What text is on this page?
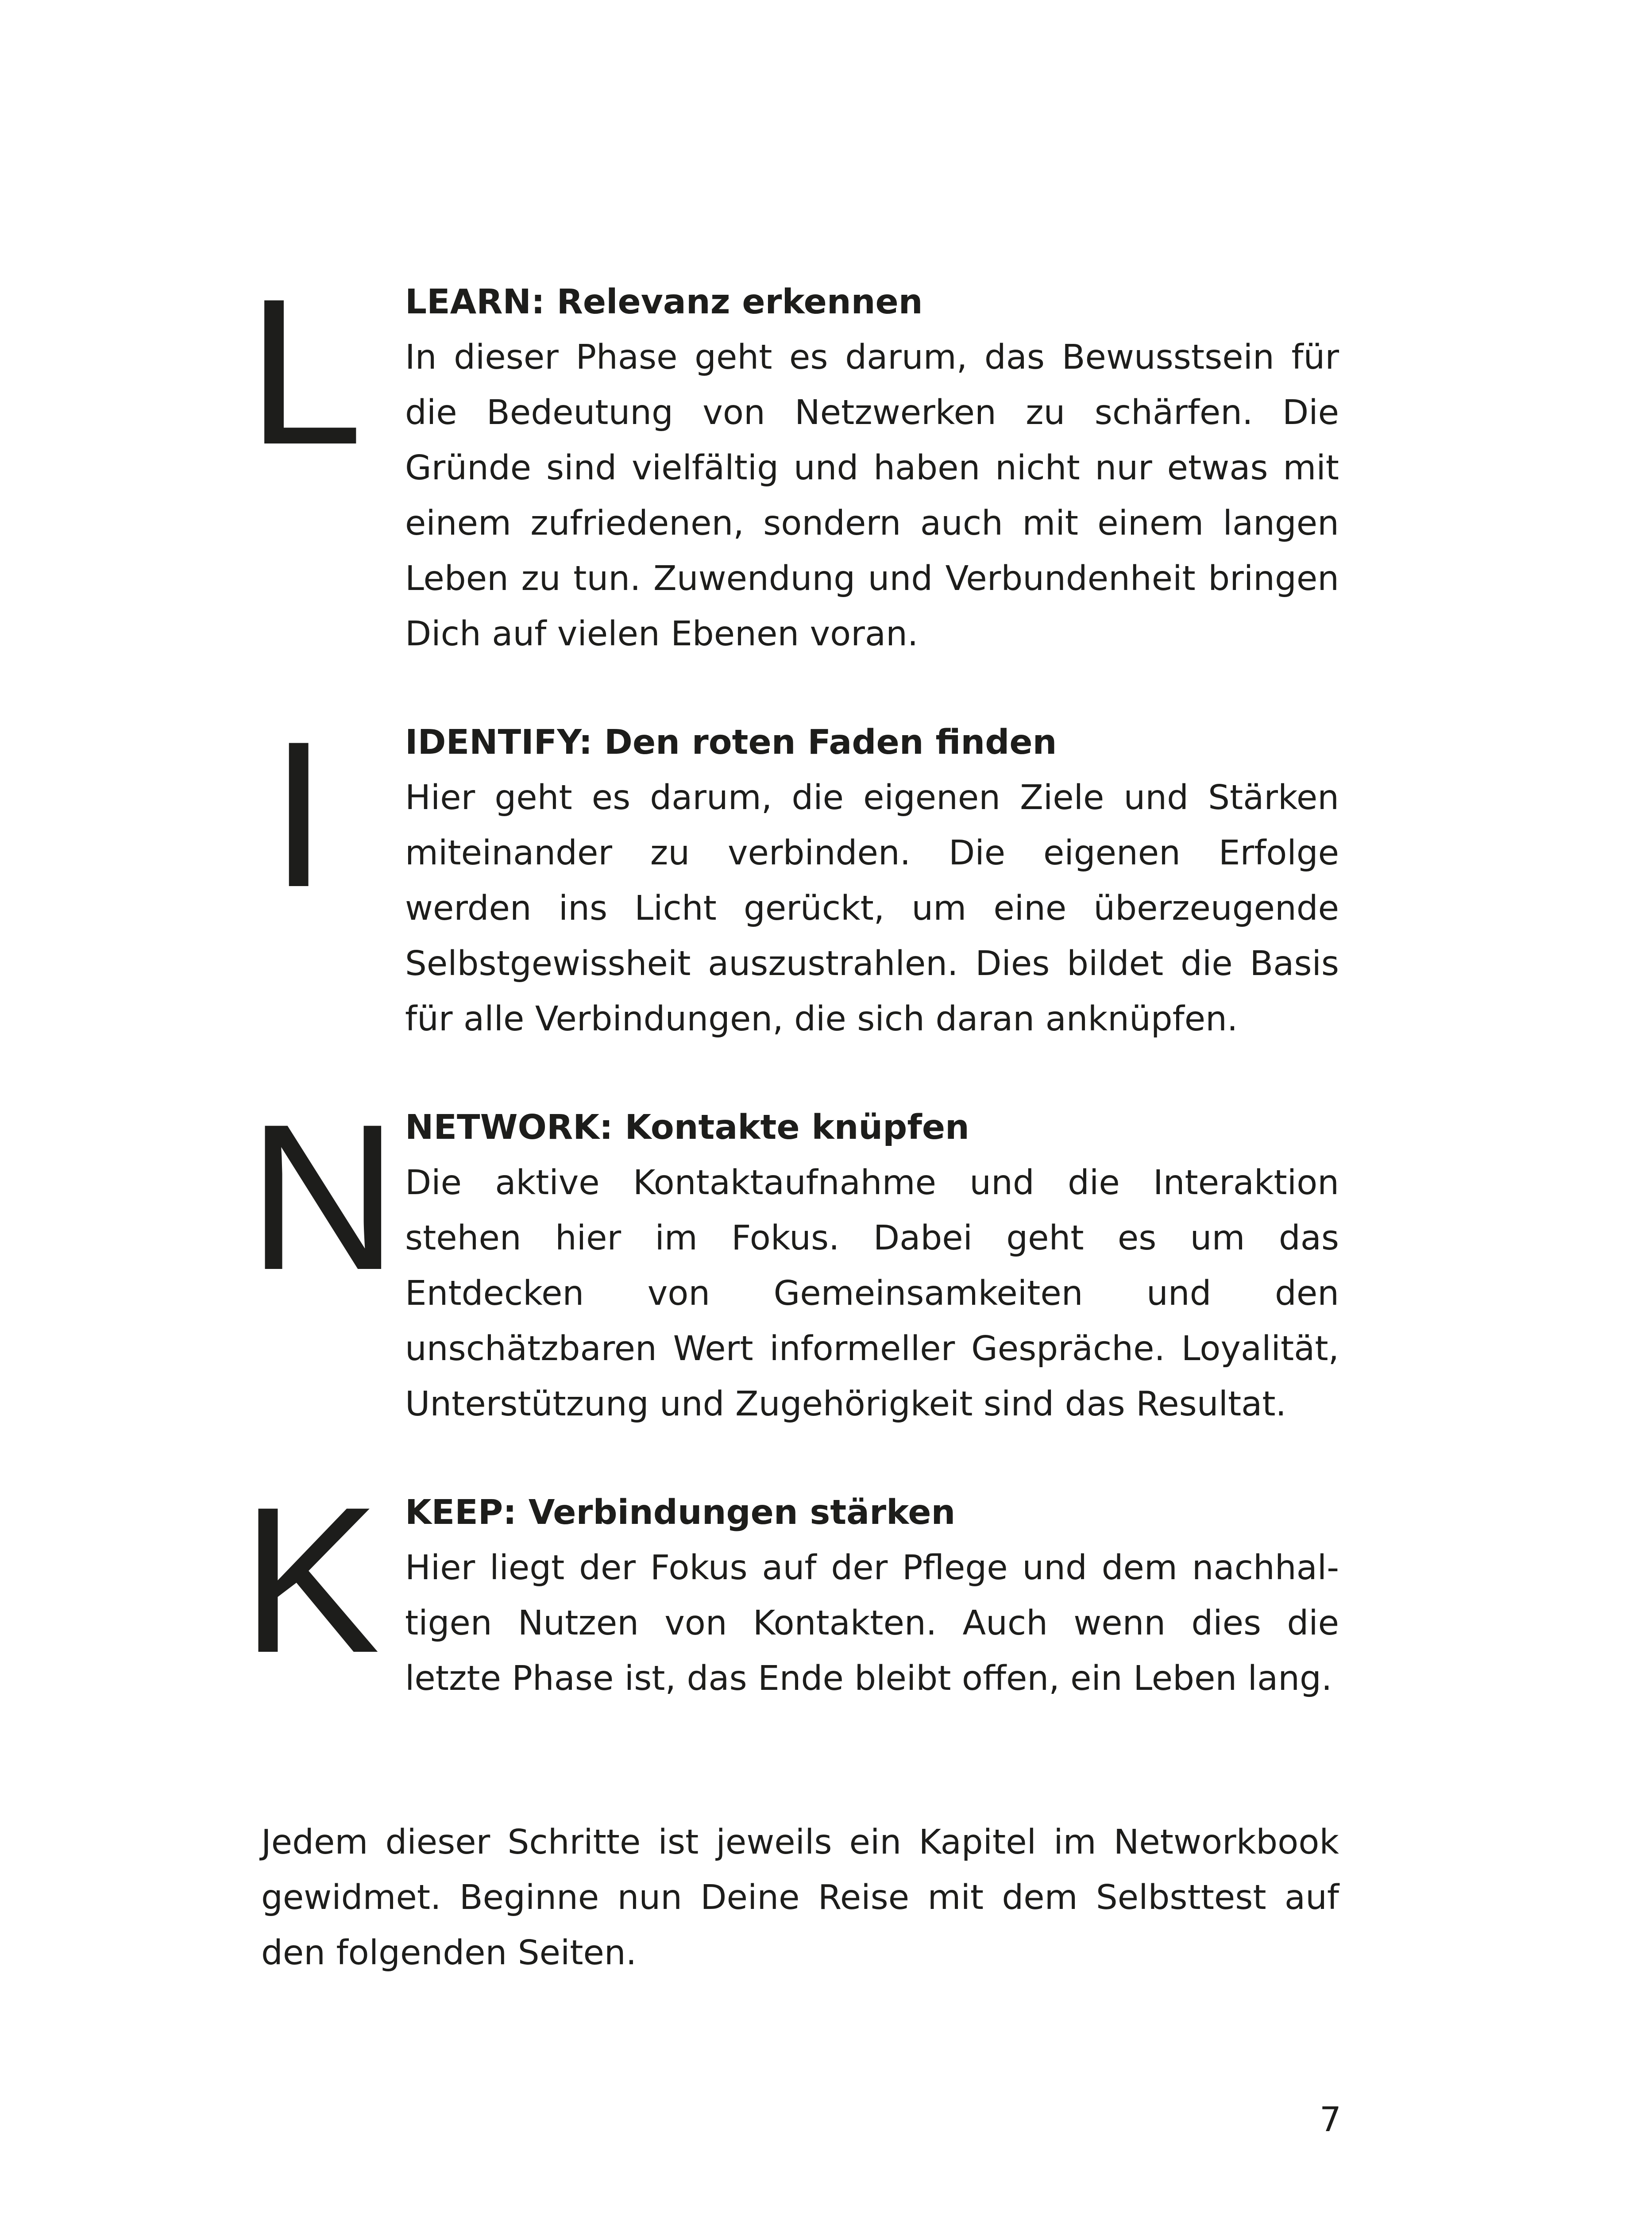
L LEARN: Relevanz erkennen
In dieser Phase geht es darum, das Bewusstsein für die Bedeutung von Netzwerken zu schärfen. Die Gründe sind vielfältig und haben nicht nur etwas mit einem zufriedenen, sondern auch mit einem langen Leben zu tun. Zuwendung und Verbundenheit bringen Dich auf vielen Ebenen voran.
I IDENTIFY: Den roten Faden finden
Hier geht es darum, die eigenen Ziele und Stärken miteinander zu verbinden. Die eigenen Erfolge werden ins Licht gerückt, um eine überzeugende Selbstgewissheit auszustrahlen. Dies bildet die Basis für alle Verbindungen, die sich daran anknüpfen.
N NETWORK: Kontakte knüpfen
Die aktive Kontaktaufnahme und die Interaktion stehen hier im Fokus. Dabei geht es um das Entdecken von Gemeinsamkeiten und den unschätzbaren Wert informeller Gespräche. Loyalität, Unterstützung und Zugehörigkeit sind das Resultat.
K KEEP: Verbindungen stärken
Hier liegt der Fokus auf der Pflege und dem nachhaltigen Nutzen von Kontakten. Auch wenn dies die letzte Phase ist, das Ende bleibt offen, ein Leben lang.
Jedem dieser Schritte ist jeweils ein Kapitel im Networkbook gewidmet. Beginne nun Deine Reise mit dem Selbsttest auf den folgenden Seiten.
7
